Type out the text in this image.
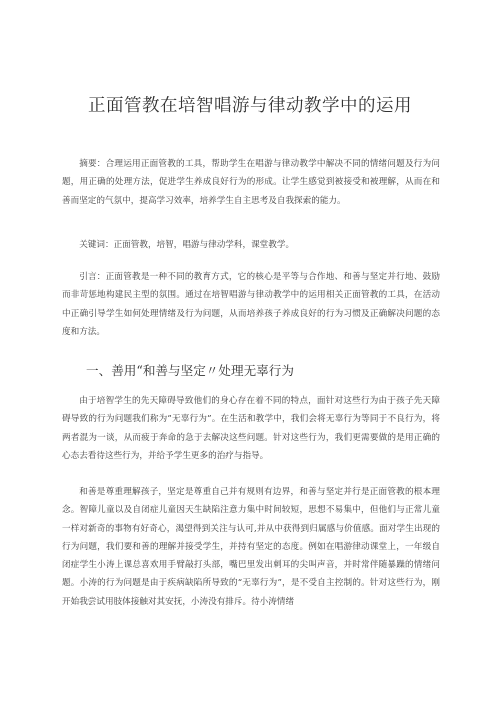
正面管教在培智唱游与律动教学中的运用
摘要：合理运用正面管教的工具，帮助学生在唱游与律动教学中解决不同的情绪问题及行为问题，用正确的处理方法，促进学生养成良好行为的形成。让学生感觉到被接受和被理解，从而在和善而坚定的气氛中，提高学习效率，培养学生自主思考及自我探索的能力。
关键词：正面管教，培智，唱游与律动学科，课堂教学。
引言：正面管教是一种不同的教育方式，它的核心是平等与合作地、和善与坚定并行地、鼓励而非苛惩地构建民主型的氛围。通过在培智唱游与律动教学中的运用相关正面管教的工具，在活动中正确引导学生如何处理情绪及行为问题，从而培养孩子养成良好的行为习惯及正确解决问题的态度和方法。
一、善用“和善与坚定〃处理无辜行为
由于培智学生的先天障碍导致他们的身心存在着不同的特点，面针对这些行为由于孩子先天障碍导致的行为问题我们称为”无辜行为”。在生活和教学中，我们会将无辜行为等同于不良行为，将两者混为一谈，从而疲于奔命的急于去解决这些问题。针对这些行为，我们更需要做的是用正确的心态去看待这些行为，并给予学生更多的治疗与指导。
和善是尊重理解孩子，坚定是尊重自己并有规则有边界，和善与坚定并行是正面管教的根本理念。智障儿童以及自闭症儿童因天生缺陷注意力集中时间较短，思想不易集中，但他们与正常儿童一样对新奇的事物有好奇心，渴望得到关注与认可,并从中获得到归属感与价值感。面对学生出现的行为问题，我们要和善的理解并接受学生，并持有坚定的态度。例如在唱游律动课堂上，一年级自闭症学生小涛上课总喜欢用手臂敲打头部，嘴巴里发出刺耳的尖叫声音，并时常伴随暴躁的情绪问题。小涛的行为问题是由于疾病缺陷所导致的“无辜行为”，是不受自主控制的。针对这些行为，刚开始我尝试用肢体接触对其安抚，小涛没有排斥。待小涛情绪
